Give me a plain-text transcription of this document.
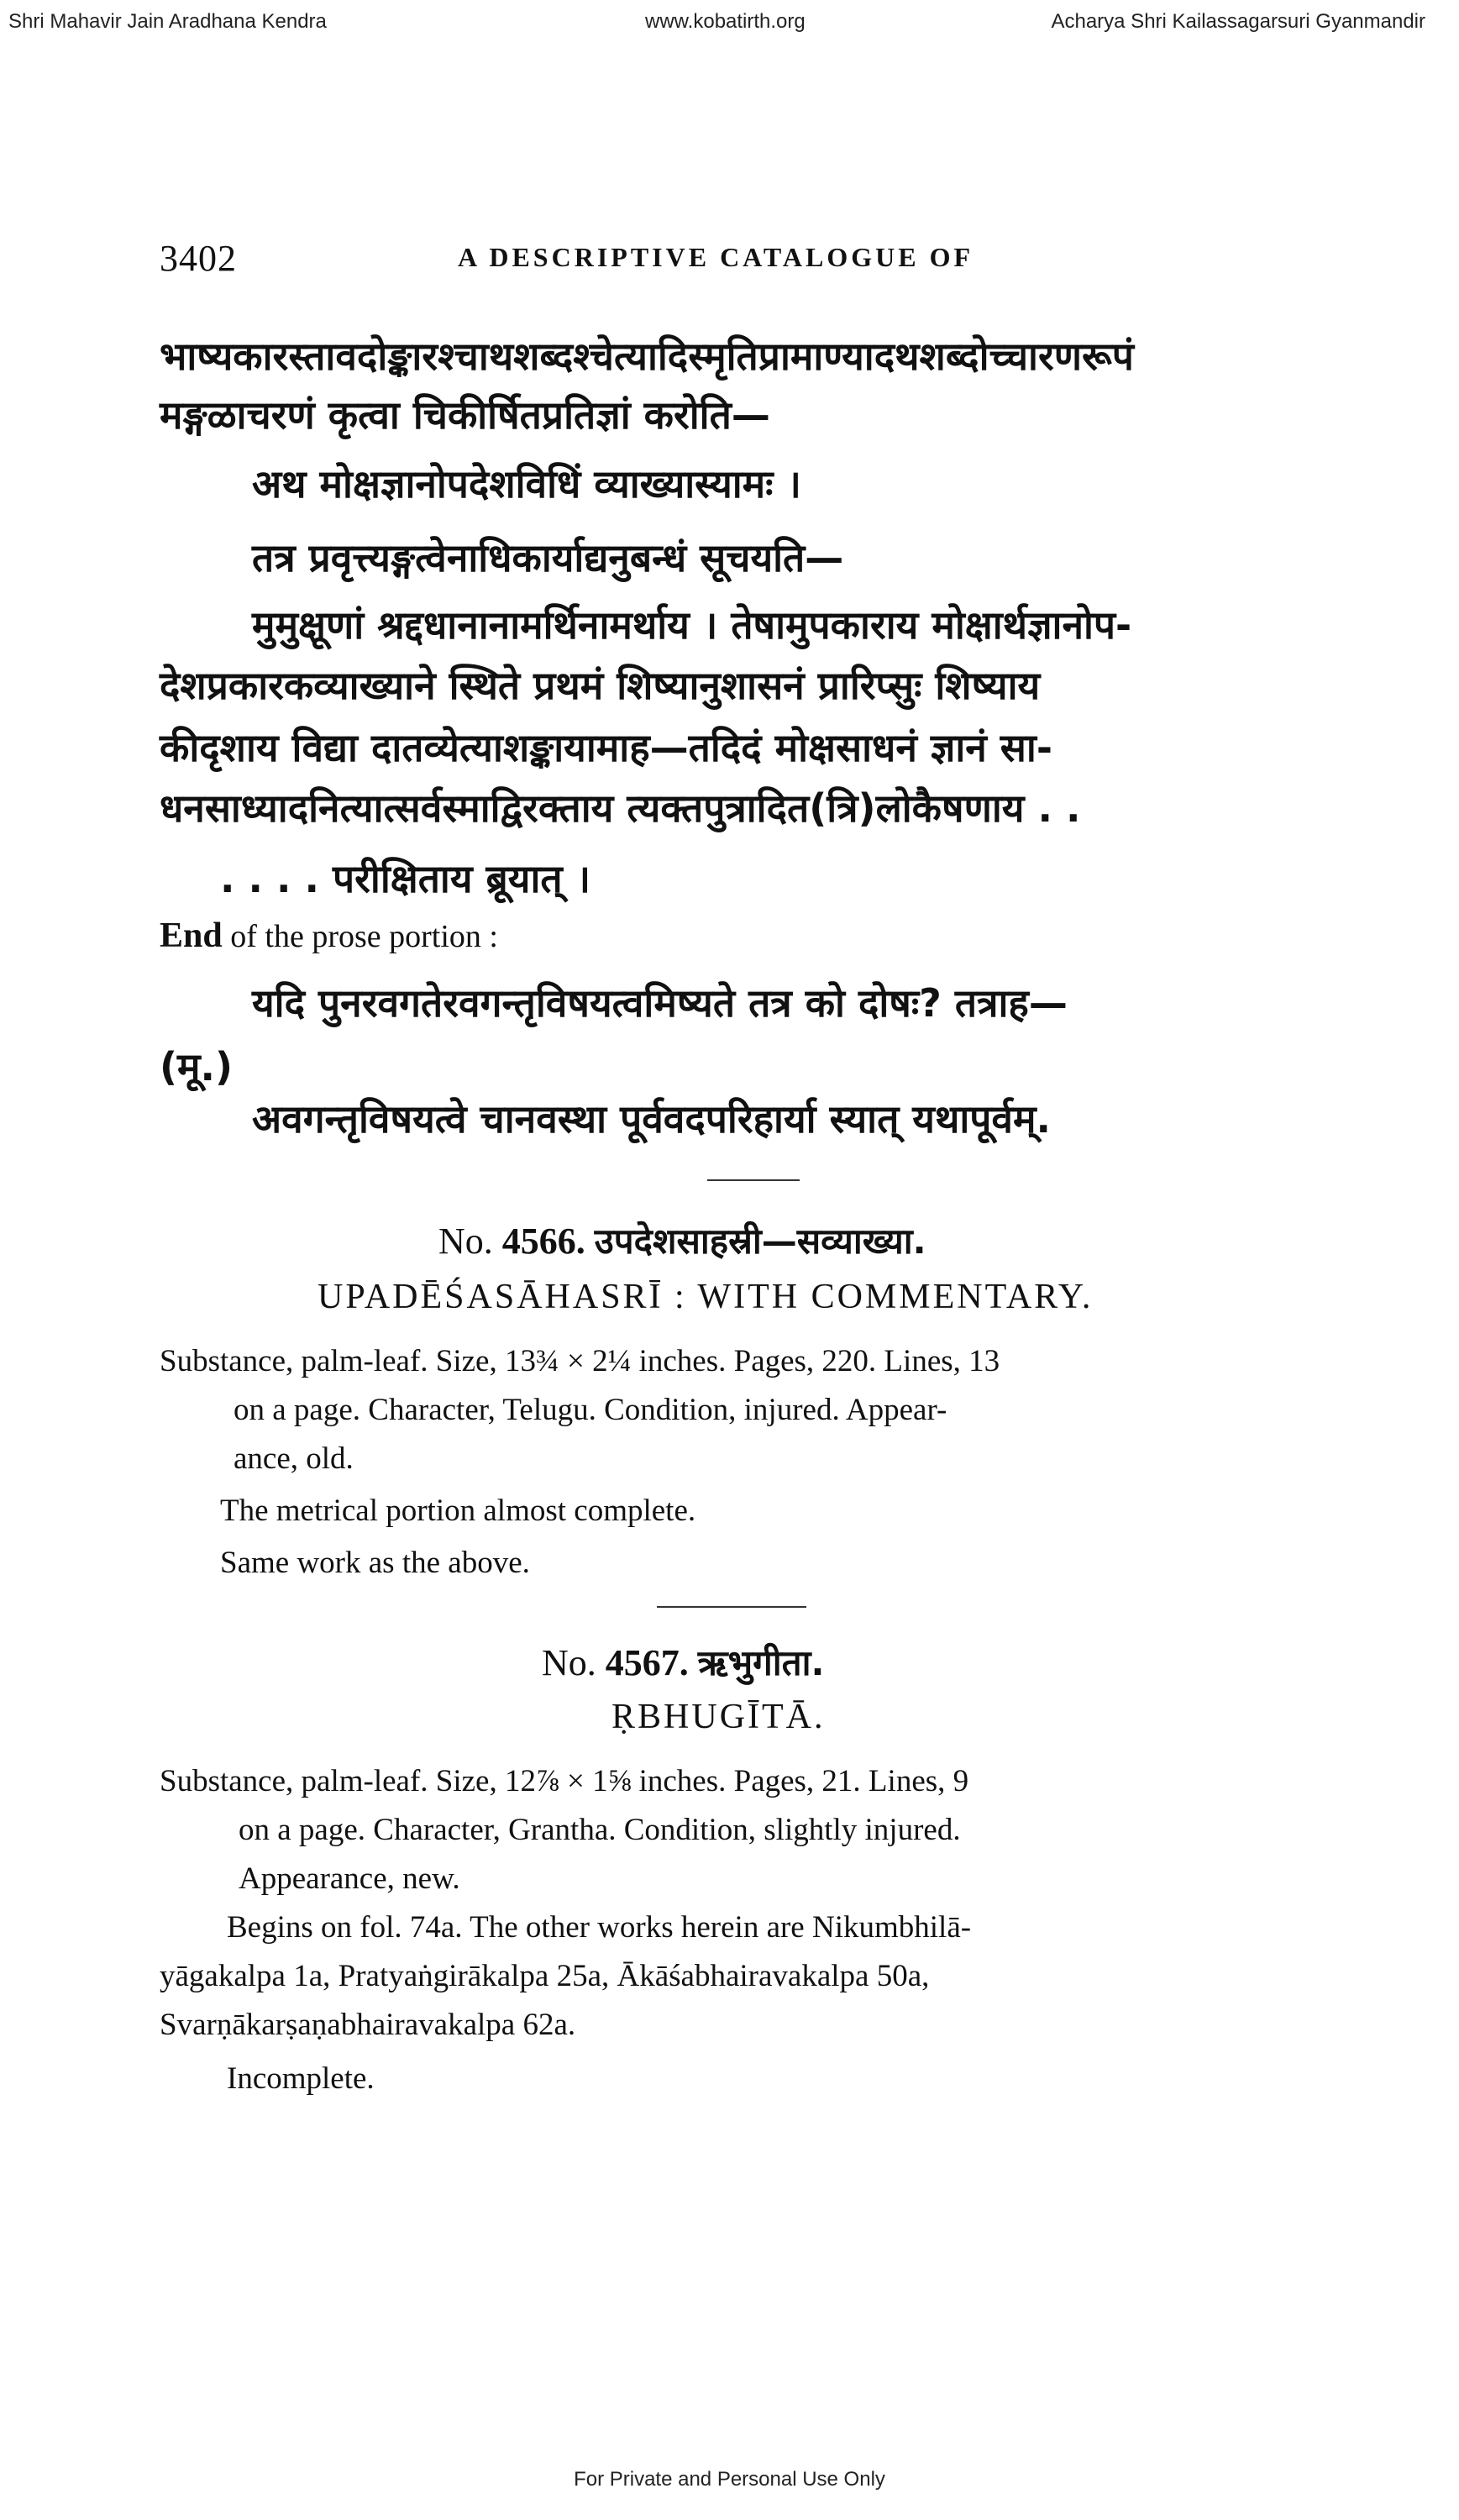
Shri Mahavir Jain Aradhana Kendra	www.kobatirth.org	Acharya Shri Kailassagarsuri Gyanmandir
3402	A DESCRIPTIVE CATALOGUE OF
भाष्यकारस्तावदोङ्कारश्चाथशब्दश्चेत्यादिस्मृतिप्रामाण्यादथशब्दोच्चारणरूपं
मङ्गळाचरणं कृत्वा चिकीर्षितप्रतिज्ञां करोति—
अथ मोक्षज्ञानोपदेशविधिं व्याख्यास्यामः ।
तत्र प्रवृत्त्यङ्गत्वेनाधिकार्याद्यनुबन्धं सूचयति—
मुमुक्षूणां श्रद्दधानानामर्थिनामर्थाय । तेषामुपकाराय मोक्षार्थज्ञानोप-
देशप्रकारकव्याख्याने स्थिते प्रथमं शिष्यानुशासनं प्रारिप्सुः शिष्याय
कीदृशाय विद्या दातव्येत्याशङ्कायामाह—तदिदं मोक्षसाधनं ज्ञानं सा-
धनसाध्यादनित्यात्सर्वस्माद्विरक्ताय त्यक्तपुत्रादित(त्रि)लोकैषणाय . .
. . . . परीक्षिताय ब्रूयात् ।
End of the prose portion :
यदि पुनरवगतेरवगन्तृविषयत्वमिष्यते तत्र को दोषः? तत्राह—
(मू.)
अवगन्तृविषयत्वे चानवस्था पूर्ववदपरिहार्या स्यात् यथापूर्वम्.
No. 4566. उपदेशसाहस्री—सव्याख्या.
UPADĒŚASĀHASRĪ : WITH COMMENTARY.
Substance, palm-leaf. Size, 13¾ × 2¼ inches. Pages, 220. Lines, 13
on a page. Character, Telugu. Condition, injured. Appear-
ance, old.
The metrical portion almost complete.
Same work as the above.
No. 4567. ऋभुगीता.
ṚBHUGĪTĀ.
Substance, palm-leaf. Size, 12⅞ × 1⅝ inches. Pages, 21. Lines, 9
on a page. Character, Grantha. Condition, slightly injured.
Appearance, new.
Begins on fol. 74a. The other works herein are Nikumbhilā-
yāgakalpa 1a, Pratyaṅgirākalpa 25a, Ākāśabhairavakalpa 50a,
Svarṇākarṣaṇabhairavakalpa 62a.
Incomplete.
For Private and Personal Use Only
